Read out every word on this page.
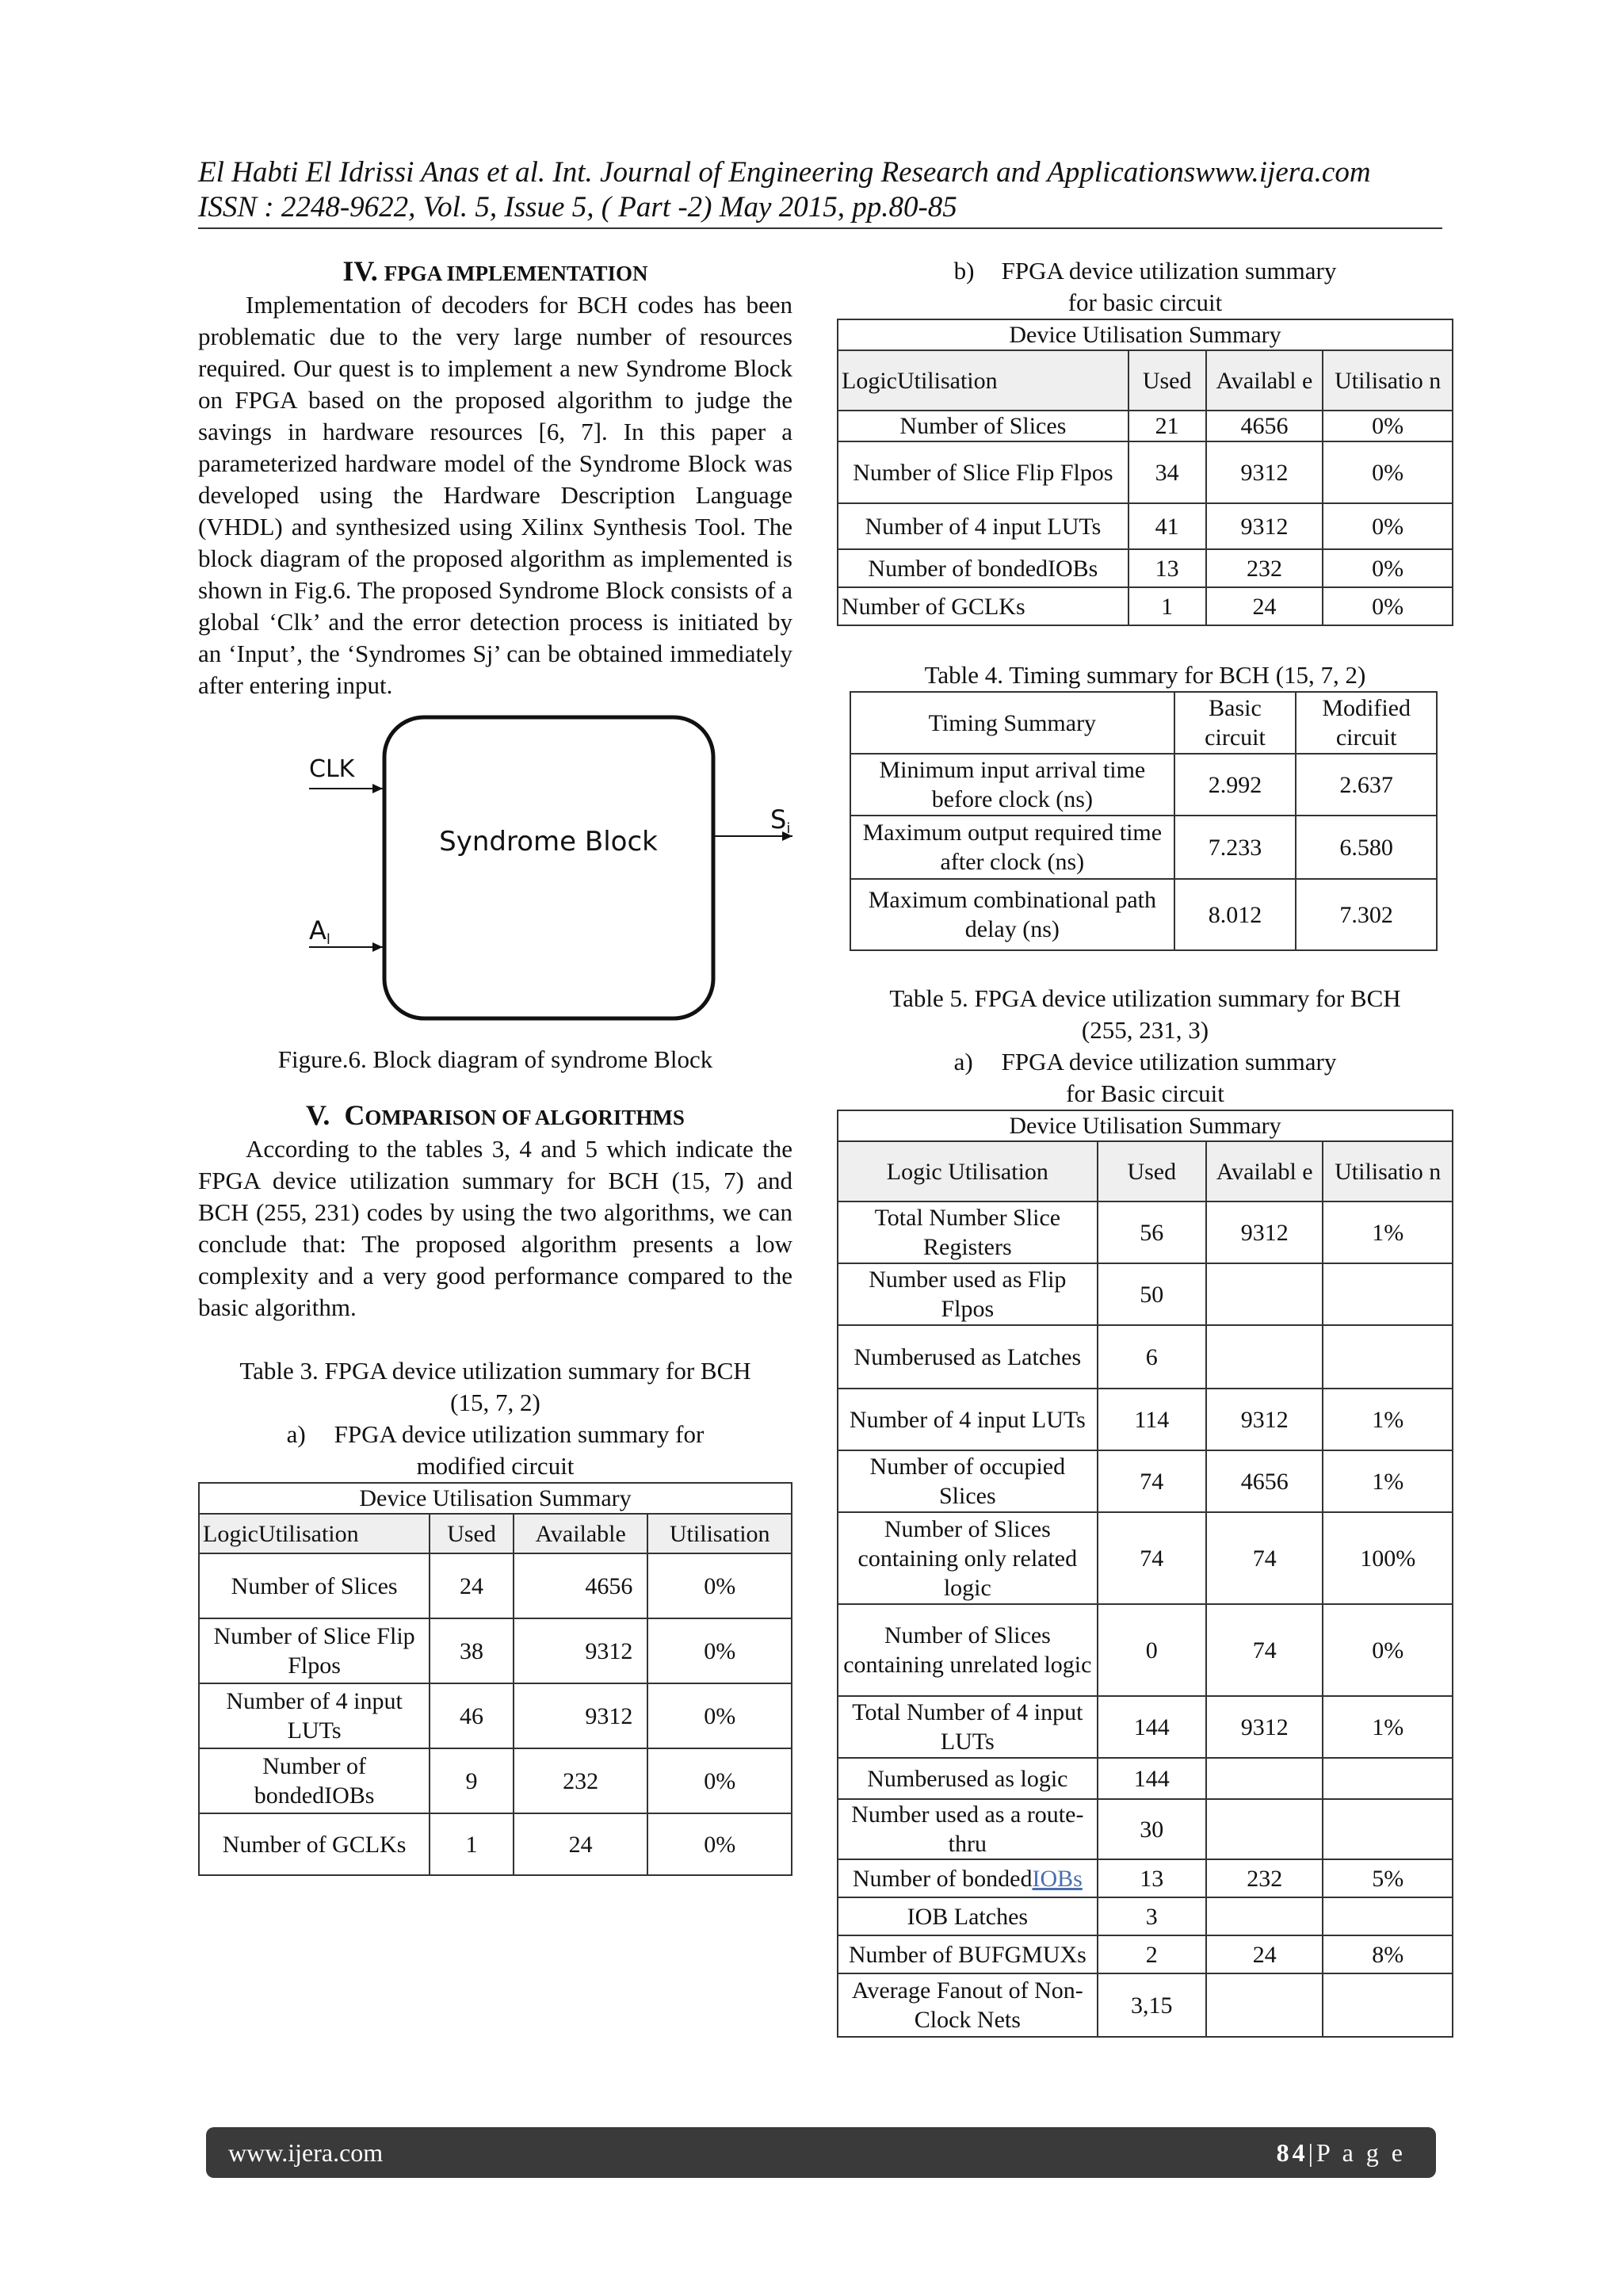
El Habti El Idrissi Anas et al. Int. Journal of Engineering Research and Applicationswww.ijera.com
ISSN : 2248-9622, Vol. 5, Issue 5, ( Part -2) May 2015, pp.80-85
IV. FPGA IMPLEMENTATION

Implementation of decoders for BCH codes has been problematic due to the very large number of resources required. Our quest is to implement a new Syndrome Block on FPGA based on the proposed algorithm to judge the savings in hardware resources [6, 7]. In this paper a parameterized hardware model of the Syndrome Block was developed using the Hardware Description Language (VHDL) and synthesized using Xilinx Synthesis Tool. The block diagram of the proposed algorithm as implemented is shown in Fig.6. The proposed Syndrome Block consists of a global ‘Clk’ and the error detection process is initiated by an ‘Input’, the ‘Syndromes Sj’ can be obtained immediately after entering input.

CLK
Al
Syndrome Block
Si
Figure.6. Block diagram of syndrome Block
V. COMPARISON OF ALGORITHMS

According to the tables 3, 4 and 5 which indicate the FPGA device utilization summary for BCH (15, 7) and BCH (255, 231) codes by using the two algorithms, we can conclude that: The proposed algorithm presents a low complexity and a very good performance compared to the basic algorithm.

Table 3. FPGA device utilization summary for BCH
(15, 7, 2)
a) FPGA device utilization summary for
modified circuit
Device Utilisation Summary			
LogicUtilisation	Used	Available	Utilisation
Number of Slices	24	4656	0%
Number of Slice Flip Flpos	38	9312	0%
Number of 4 input LUTs	46	9312	0%
Number of bondedIOBs	9	232	0%
Number of GCLKs	1	24	0%
b) FPGA device utilization summary
for basic circuit
Device Utilisation Summary			
LogicUtilisation	Used	Availabl e	Utilisatio n
Number of Slices	21	4656	0%
Number of Slice Flip Flpos	34	9312	0%
Number of 4 input LUTs	41	9312	0%
Number of bondedIOBs	13	232	0%
Number of GCLKs	1	24	0%
Table 4. Timing summary for BCH (15, 7, 2)
Timing Summary	Basic circuit	Modified circuit
Minimum input arrival time before clock (ns)	2.992	2.637
Maximum output required time after clock (ns)	7.233	6.580
Maximum combinational path delay (ns)	8.012	7.302
Table 5. FPGA device utilization summary for BCH
(255, 231, 3)
a) FPGA device utilization summary
for Basic circuit
Device Utilisation Summary			
Logic Utilisation	Used	Availabl e	Utilisatio n
Total Number Slice Registers	56	9312	1%
Number used as Flip Flpos	50		
Numberused as Latches	6		
Number of 4 input LUTs	114	9312	1%
Number of occupied Slices	74	4656	1%
Number of Slices containing only related logic	74	74	100%
Number of Slices containing unrelated logic	0	74	0%
Total Number of 4 input LUTs	144	9312	1%
Numberused as logic	144		
Number used as a route-thru	30		
Number of bondedIOBs	13	232	5%
IOB Latches	3		
Number of BUFGMUXs	2	24	8%
Average Fanout of Non-Clock Nets	3,15		
www.ijera.com	84|P a g e
